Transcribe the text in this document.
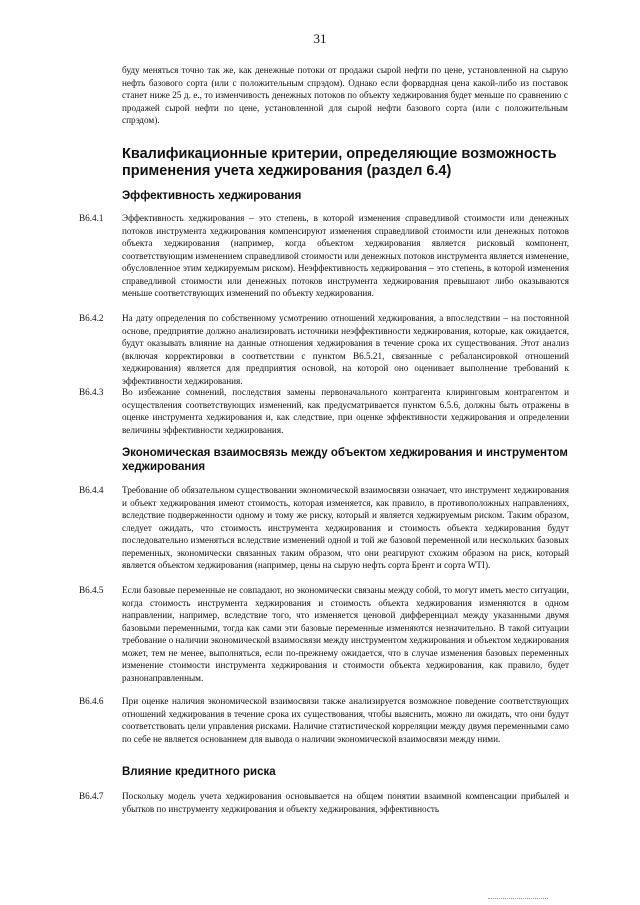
31
буду меняться точно так же, как денежные потоки от продажи сырой нефти по цене, установленной на сырую нефть базового сорта (или с положительным спрэдом). Однако если форвардная цена какой-либо из поставок станет ниже 25 д. е., то изменчивость денежных потоков по объекту хеджирования будет меньше по сравнению с продажей сырой нефти по цене, установленной для сырой нефти базового сорта (или с положительным спрэдом).
Квалификационные критерии, определяющие возможность применения учета хеджирования (раздел 6.4)
Эффективность хеджирования
B6.4.1	Эффективность хеджирования – это степень, в которой изменения справедливой стоимости или денежных потоков инструмента хеджирования компенсируют изменения справедливой стоимости или денежных потоков объекта хеджирования (например, когда объектом хеджирования является рисковый компонент, соответствующим изменением справедливой стоимости или денежных потоков инструмента является изменение, обусловленное этим хеджируемым риском). Неэффективность хеджирования – это степень, в которой изменения справедливой стоимости или денежных потоков инструмента хеджирования превышают либо оказываются меньше соответствующих изменений по объекту хеджирования.
B6.4.2	На дату определения по собственному усмотрению отношений хеджирования, а впоследствии – на постоянной основе, предприятие должно анализировать источники неэффективности хеджирования, которые, как ожидается, будут оказывать влияние на данные отношения хеджирования в течение срока их существования. Этот анализ (включая корректировки в соответствии с пунктом B6.5.21, связанные с ребалансировкой отношений хеджирования) является для предприятия основой, на которой оно оценивает выполнение требований к эффективности хеджирования.
B6.4.3	Во избежание сомнений, последствия замены первоначального контрагента клиринговым контрагентом и осуществления соответствующих изменений, как предусматривается пунктом 6.5.6, должны быть отражены в оценке инструмента хеджирования и, как следствие, при оценке эффективности хеджирования и определении величины эффективности хеджирования.
Экономическая взаимосвязь между объектом хеджирования и инструментом хеджирования
B6.4.4	Требование об обязательном существовании экономической взаимосвязи означает, что инструмент хеджирования и объект хеджирования имеют стоимость, которая изменяется, как правило, в противоположных направлениях, вследствие подверженности одному и тому же риску, который и является хеджируемым риском. Таким образом, следует ожидать, что стоимость инструмента хеджирования и стоимость объекта хеджирования будут последовательно изменяться вследствие изменений одной и той же базовой переменной или нескольких базовых переменных, экономически связанных таким образом, что они реагируют схожим образом на риск, который является объектом хеджирования (например, цены на сырую нефть сорта Брент и сорта WTI).
B6.4.5	Если базовые переменные не совпадают, но экономически связаны между собой, то могут иметь место ситуации, когда стоимость инструмента хеджирования и стоимость объекта хеджирования изменяются в одном направлении, например, вследствие того, что изменяется ценовой дифференциал между указанными двумя базовыми переменными, тогда как сами эти базовые переменные изменяются незначительно. В такой ситуации требование о наличии экономической взаимосвязи между инструментом хеджирования и объектом хеджирования может, тем не менее, выполняться, если по-прежнему ожидается, что в случае изменения базовых переменных изменение стоимости инструмента хеджирования и стоимости объекта хеджирования, как правило, будет разнонаправленным.
B6.4.6	При оценке наличия экономической взаимосвязи также анализируется возможное поведение соответствующих отношений хеджирования в течение срока их существования, чтобы выяснить, можно ли ожидать, что они будут соответствовать цели управления рисками. Наличие статистической корреляции между двумя переменными само по себе не является основанием для вывода о наличии экономической взаимосвязи между ними.
Влияние кредитного риска
B6.4.7	Поскольку модель учета хеджирования основывается на общем понятии взаимной компенсации прибылей и убытков по инструменту хеджирования и объекту хеджирования, эффективность
